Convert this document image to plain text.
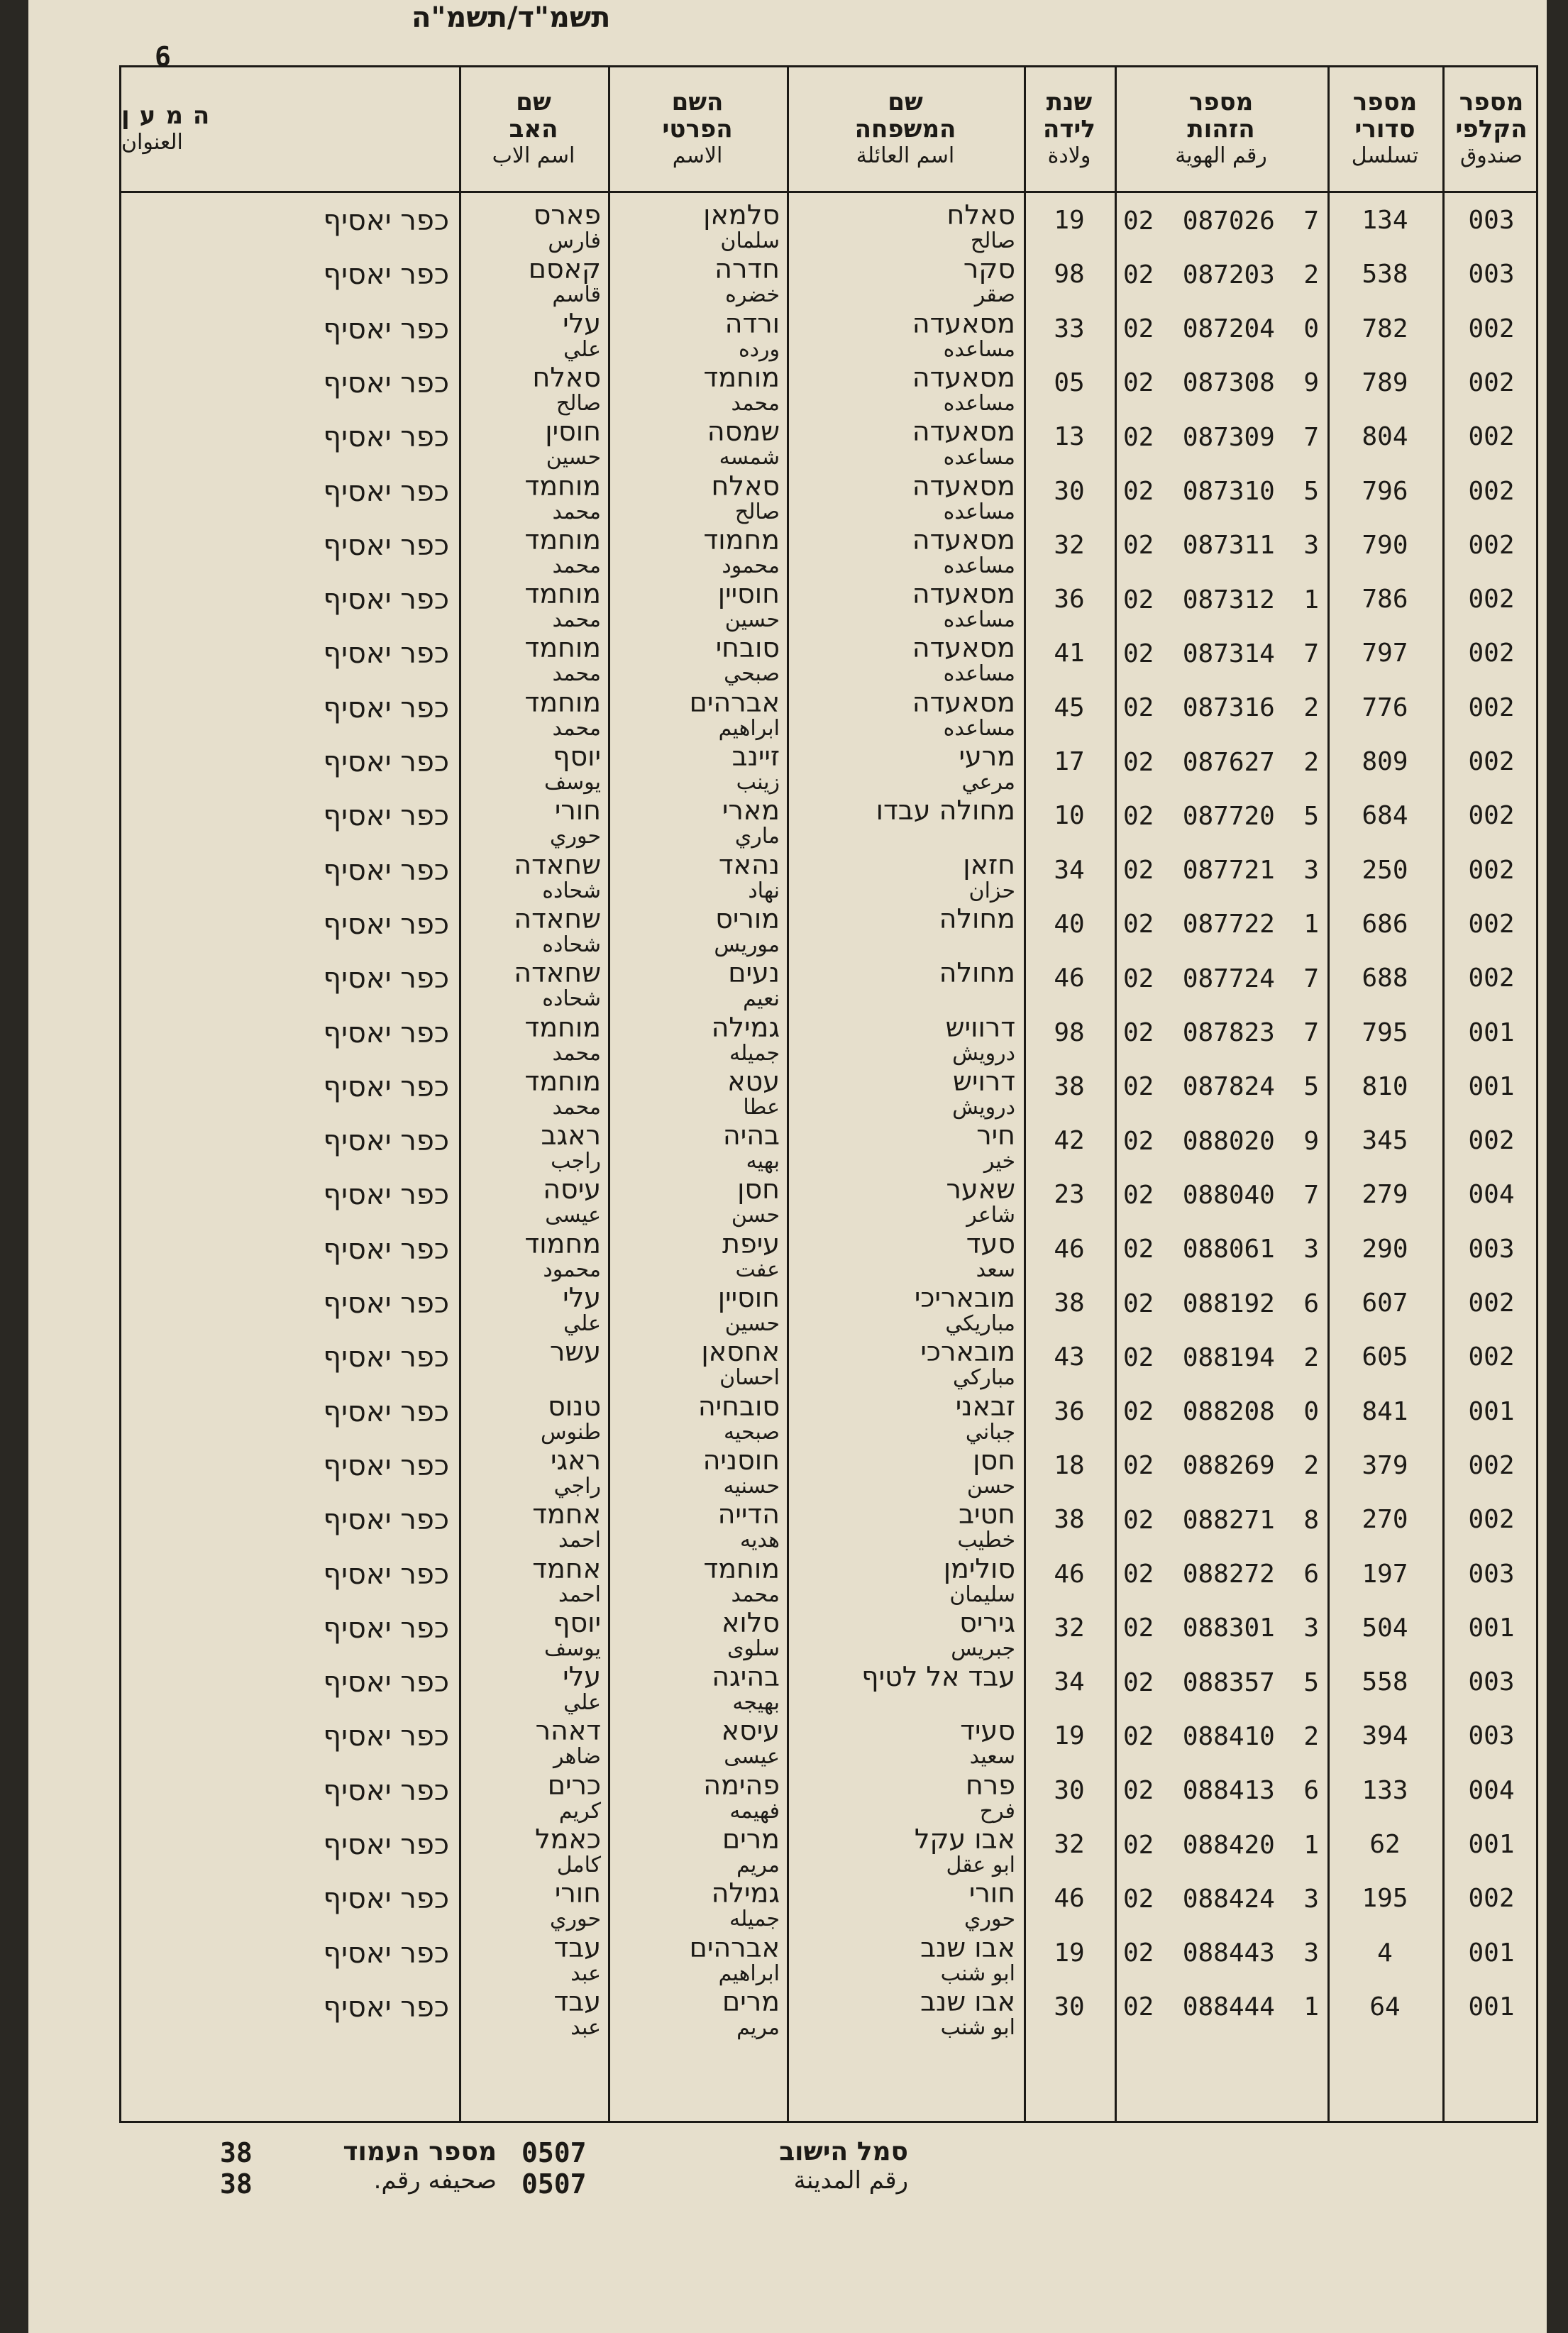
תשמ"ד/תשמ"ה
6
מספר
הקלפי
صندوق
מספר
סדורי
تسلسل
מספר
הזהות
رقم الهوية
שנת
לידה
ولادة
שם
המשפחה
اسم العائلة
השם
הפרטי
الاسم
שם
האב
اسم الاب
המען
العنوان
003
134
02 087026 7
19
סאלח
صالح
סלמאן
سلمان
פארס
فارس
כפר יאסיף
003
538
02 087203 2
98
סקר
صقر
חדרה
خضره
קאסם
قاسم
כפר יאסיף
002
782
02 087204 0
33
מסאעדה
مساعده
ורדה
ورده
עלי
علي
כפר יאסיף
002
789
02 087308 9
05
מסאעדה
مساعده
מוחמד
محمد
סאלח
صالح
כפר יאסיף
002
804
02 087309 7
13
מסאעדה
مساعده
שמסה
شمسه
חוסין
حسين
כפר יאסיף
002
796
02 087310 5
30
מסאעדה
مساعده
סאלח
صالح
מוחמד
محمد
כפר יאסיף
002
790
02 087311 3
32
מסאעדה
مساعده
מחמוד
محمود
מוחמד
محمد
כפר יאסיף
002
786
02 087312 1
36
מסאעדה
مساعده
חוסיין
حسين
מוחמד
محمد
כפר יאסיף
002
797
02 087314 7
41
מסאעדה
مساعده
סובחי
صبحي
מוחמד
محمد
כפר יאסיף
002
776
02 087316 2
45
מסאעדה
مساعده
אברהים
ابراهيم
מוחמד
محمد
כפר יאסיף
002
809
02 087627 2
17
מרעי
مرعي
זיינב
زينب
יוסף
يوسف
כפר יאסיף
002
684
02 087720 5
10
מחולה עבדו
מארי
ماري
חורי
حوري
כפר יאסיף
002
250
02 087721 3
34
חזאן
حزان
נהאד
نهاد
שחאדה
شحاده
כפר יאסיף
002
686
02 087722 1
40
מחולה
מוריס
موريس
שחאדה
شحاده
כפר יאסיף
002
688
02 087724 7
46
מחולה
נעים
نعيم
שחאדה
شحاده
כפר יאסיף
001
795
02 087823 7
98
דרוויש
درويش
גמילה
جميله
מוחמד
محمد
כפר יאסיף
001
810
02 087824 5
38
דרויש
درويش
עטא
عطا
מוחמד
محمد
כפר יאסיף
002
345
02 088020 9
42
חיר
خير
בהיה
بهيه
ראגב
راجب
כפר יאסיף
004
279
02 088040 7
23
שאער
شاعر
חסן
حسن
עיסה
عيسى
כפר יאסיף
003
290
02 088061 3
46
סעד
سعد
עיפת
عفت
מחמוד
محمود
כפר יאסיף
002
607
02 088192 6
38
מובאריכי
مباريكي
חוסיין
حسين
עלי
علي
כפר יאסיף
002
605
02 088194 2
43
מובארכי
مباركي
אחסאן
احسان
עשר
כפר יאסיף
001
841
02 088208 0
36
זבאני
جباني
סובחיה
صبحيه
טנוס
طنوس
כפר יאסיף
002
379
02 088269 2
18
חסן
حسن
חוסניה
حسنيه
ראגי
راجي
כפר יאסיף
002
270
02 088271 8
38
חטיב
خطيب
הדייה
هديه
אחמד
احمد
כפר יאסיף
003
197
02 088272 6
46
סולימן
سليمان
מוחמד
محمد
אחמד
احمد
כפר יאסיף
001
504
02 088301 3
32
גיריס
جبريس
סלוא
سلوى
יוסף
يوسف
כפר יאסיף
003
558
02 088357 5
34
עבד אל לטיף
בהיגה
بهيجه
עלי
علي
כפר יאסיף
003
394
02 088410 2
19
סעיד
سعيد
עיסא
عيسى
דאהר
ضاهر
כפר יאסיף
004
133
02 088413 6
30
פרח
فرح
פהימה
فهيمه
כרים
كريم
כפר יאסיף
001
62
02 088420 1
32
אבו עקל
ابو عقل
מרים
مريم
כאמל
كامل
כפר יאסיף
002
195
02 088424 3
46
חורי
حوري
גמילה
جميله
חורי
حوري
כפר יאסיף
001
4
02 088443 3
19
אבו שנב
ابو شنب
אברהים
ابراهيم
עבד
عبد
כפר יאסיף
001
64
02 088444 1
30
אבו שנב
ابو شنب
מרים
مريم
עבד
عبد
כפר יאסיף
סמל הישוב
رقم المدينة
0507
0507
מספר העמוד
صحيفه رقم.
38
38
